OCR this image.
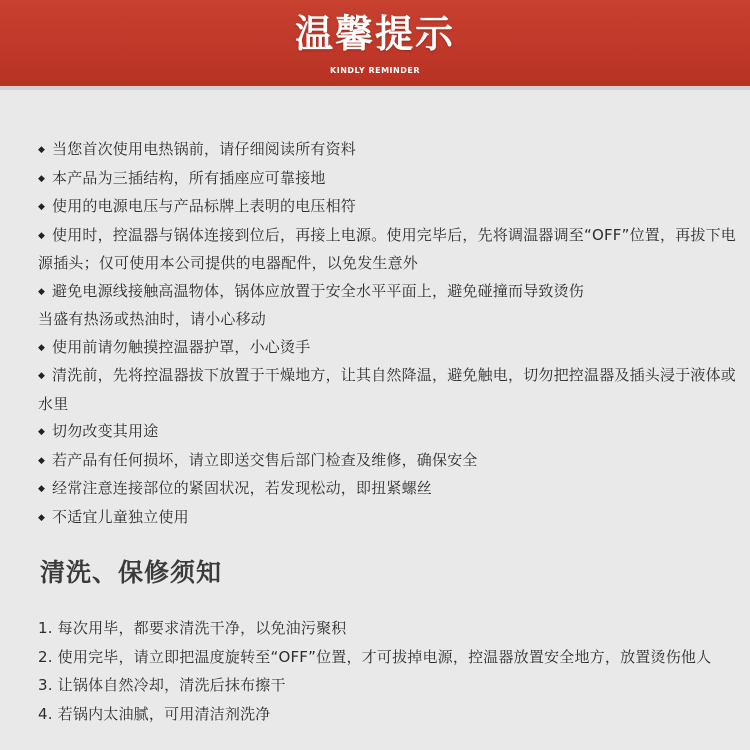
温馨提示
KINDLY REMINDER
◆ 当您首次使用电热锅前，请仔细阅读所有资料
◆ 本产品为三插结构，所有插座应可靠接地
◆ 使用的电源电压与产品标牌上表明的电压相符
◆ 使用时，控温器与锅体连接到位后，再接上电源。使用完毕后，先将调温器调至“OFF”位置，再拔下电源插头；仅可使用本公司提供的电器配件，以免发生意外
◆ 避免电源线接触高温物体，锅体应放置于安全水平平面上，避免碰撞而导致烫伤
当盛有热汤或热油时，请小心移动
◆ 使用前请勿触摸控温器护罩，小心烫手
◆ 清洗前，先将控温器拔下放置于干燥地方，让其自然降温，避免触电，切勿把控温器及插头浸于液体或水里
◆ 切勿改变其用途
◆ 若产品有任何损坏，请立即送交售后部门检查及维修，确保安全
◆ 经常注意连接部位的紧固状况，若发现松动，即扭紧螺丝
◆ 不适宜儿童独立使用
清洗、保修须知
1. 每次用毕，都要求清洗干净，以免油污聚积
2. 使用完毕，请立即把温度旋转至“OFF”位置，才可拔掉电源，控温器放置安全地方，放置烫伤他人
3. 让锅体自然冷却，清洗后抹布擦干
4. 若锅内太油腻，可用清洁剂洗净
